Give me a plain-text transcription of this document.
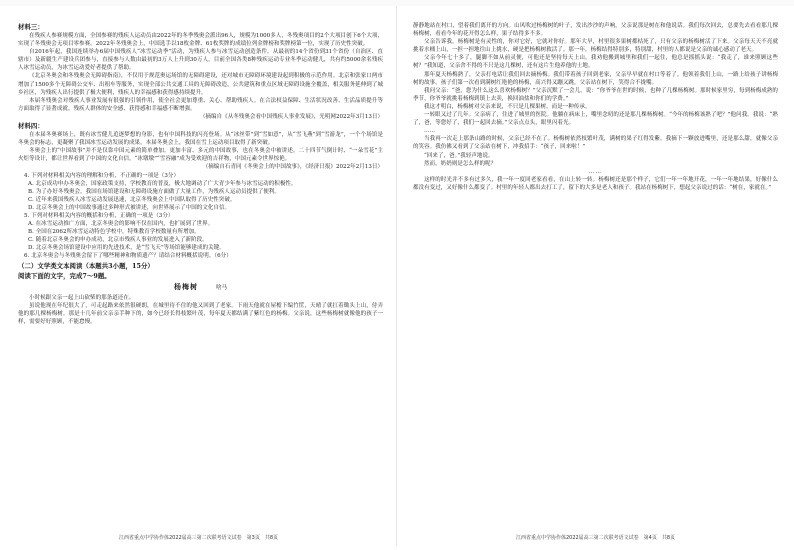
材料三：

在残疾人参赛规模方面，全国参赛的残疾人运动员由2022年的冬季残奥会派出96人，规模为1000多人，冬残奥项目的2个大项目创下6个大项，实现了冬残奥会无项目零参赛。2022年冬残奥会上，中国选手以18枚金牌、61枚奖牌的成绩位列金牌榜和奖牌榜第一位，实现了历史性突破。

自2016年起，我国连续举办6届中国残疾人“冰雪运动季”活动，为残疾人参与冰雪运动创造条件。从最初的14个省份到31个省份（自治区、直辖市）及新疆生产建设兵团参与，直接参与人数由最初的3万人上升到30万人。目前全国各类8种残疾运动专业冬季运动健儿，共有约5000余名残疾人冰雪运动员，为冰雪运动爱好者提供了帮助。

《北京冬奥会和冬残奥会无障碍指南》，不仅用于规范奥运场馆的无障碍建设，还对城市无障碍环境建设起到积极的示范作用。北京和张家口两市增加了1500多个无障碍公交车、出租车等服务，实现全部公共交通工具的无障碍改造，公共建筑和重点区域无障碍设施全覆盖，相关服务延伸到了城乡社区，为残疾人出行提供了极大便利，残疾人的幸福感和获得感持续提升。

本届冬残奥会对残疾人事业发展有很强的引领作用，使全社会更加尊重、关心、帮助残疾人。在合法权益保障、生活状况改善、生活品质提升等方面取得了显著成就。残疾人群体的安全感、获得感和幸福感不断增强。

（摘编自《从冬残奥会看中国残疾人事业发展》，光明网2022年3月13日）

材料四：

在本届冬奥赛场上，既有冰雪健儿追逐梦想的身影，也有中国科技的闪亮登场。从“冰丝带”到“雪如意”，从“雪飞燕”到“雪游龙”，一个个场馆是冬奥会的标志，更凝聚了我国冰雪运动发展的成果。本届冬奥会上，我国在雪上运动项目取得了新突破。

冬奥会上的“中国故事”并不是仅靠中国元素的简单叠加。更加丰富、多元的中国故事，也在冬奥会中被讲述。二十四节气倒计时、“一朵雪花”主火炬等设计，都让世界看到了中国的文化自信。“冰墩墩”“雪容融”成为受欢迎的吉祥物，中国元素令世界惊艳。

（摘编自石青同《冬奥会上的中国故事》，《经济日报》2022年2月13日）

4. 下列对材料相关内容的理解和分析，不正确的一项是（3分）

A. 北京成功申办冬奥会，国家政策支持，学校教育的普及，极大地调动了广大青少年参与冰雪运动的积极性。

B. 为了办好冬残奥会，我国在场馆建设和无障碍设施方面做了大量工作，为残疾人运动员提供了便利。

C. 近年来我国残疾人冰雪运动发展迅速，北京冬残奥会上中国队取得了历史性突破。

D. 北京冬奥会上的中国故事通过多种形式被讲述，向世界展示了中国的文化自信。

5. 下列对材料相关内容的概括和分析，正确的一项是（3分）

A. 在冰雪运动推广方面，北京冬奥会的影响不仅在国内，也扩展到了世界。

B. 全国在2062所冰雪运动特色学校中，特殊教育学校数量有所增加。

C. 随着北京冬奥会的申办成功，北京市残疾人事业的发展进入了新阶段。

D. 北京冬奥会场馆建设中应用的先进技术，是“雪飞天”等场馆能够建成的关键。

6. 北京冬奥会与冬残奥会留下了哪些精神和物质遗产？请结合材料概括说明。（6分）

（二）文学类文本阅读（本题共3小题，15分）

阅读下面的文字，完成7～9题。

杨梅树	啥马

小时候跟父亲一起上山砍柴的那条道还在。

虽说他现在年纪很大了，可走起路来依然很硬朗，在城里待不住的他又回到了老家。下雨天他就在屋檐下编竹筐，天晴了就扛着锄头上山，侍弄他的那几棵杨梅树。那是十几年前父亲亲手种下的，如今已经长得枝繁叶茂，每年夏天都结满了紫红色的杨梅。父亲说，这些杨梅树就像他的孩子一样，需要好好照顾，不能怠慢。

江西省重点中学协作体2022届高三第二次联考语文试卷　第3页　共8页

静静地站在村口，望着我们离开的方向。山风吹过杨梅树的叶子，发出沙沙的声响，父亲说那是树在和他说话。我们每次回去，总要先去看看那几棵杨梅树，看看今年的花开得怎么样，果子结得多不多。

父亲告诉我，杨梅树是有灵性的，你对它好，它就对你好。那年大旱，村里很多果树都枯死了，只有父亲的杨梅树活了下来。父亲每天天不亮就挑着水桶上山，一担一担地往山上挑水，硬是把杨梅树救活了。那一年，杨梅结得特别多，特别甜，村里的人都说是父亲的诚心感动了老天。

父亲今年七十多了，腿脚不如从前灵便，可他还是坚持每天上山。我劝他搬到城里和我们一起住，他总是摇摇头说：“我走了，谁来照顾这些树？”我知道，父亲舍不得的不只是这几棵树，还有这片生他养他的土地。

那年夏天杨梅熟了，父亲打电话让我们回去摘杨梅。我们带着孩子回到老家，父亲早早就在村口等着了。他领着我们上山，一路上给孩子讲杨梅树的故事。孩子们第一次看到满树红艳艳的杨梅，高兴得又蹦又跳。父亲站在树下，笑得合不拢嘴。

我问父亲：“爸，您为什么这么喜欢杨梅树？”父亲沉默了一会儿，说：“你爷爷在世的时候，也种了几棵杨梅树。那时候家里穷，每到杨梅成熟的季节，你爷爷就挑着杨梅到镇上去卖，换回油盐和你们的学费。”

我这才明白，杨梅树对父亲来说，不只是几棵果树，而是一种传承。

一转眼又过了几年。父亲病了，住进了城里的医院。他躺在病床上，嘴里念叨的还是那几棵杨梅树。“今年的杨梅该熟了吧？”他问我。我说：“熟了，爸，等您好了，我们一起回去摘。”父亲点点头，眼里闪着光。

……

当我再一次走上那条山路的时候，父亲已经不在了。杨梅树依然枝繁叶茂，满树的果子红得发紫。我摘下一颗放进嘴里，还是那么甜，就像父亲的笑容。我仿佛又看到了父亲站在树下，冲我招手：“孩子，回来啦！”

“回来了，爸。”我轻声地说。

然而，奶奶则是怎么样的呢？

……

这样的时光并不多有过多久，我一年一度回老家看看，在山上转一转。杨梅树还是那个样子，它们一年一年地开花，一年一年地结果，好像什么都没有变过，又好像什么都变了。村里的年轻人都出去打工了，留下的大多是老人和孩子。我站在杨梅树下，想起父亲说过的话：“树在，家就在。”

江西省重点中学协作体2022届高三第二次联考语文试卷　第4页　共8页
